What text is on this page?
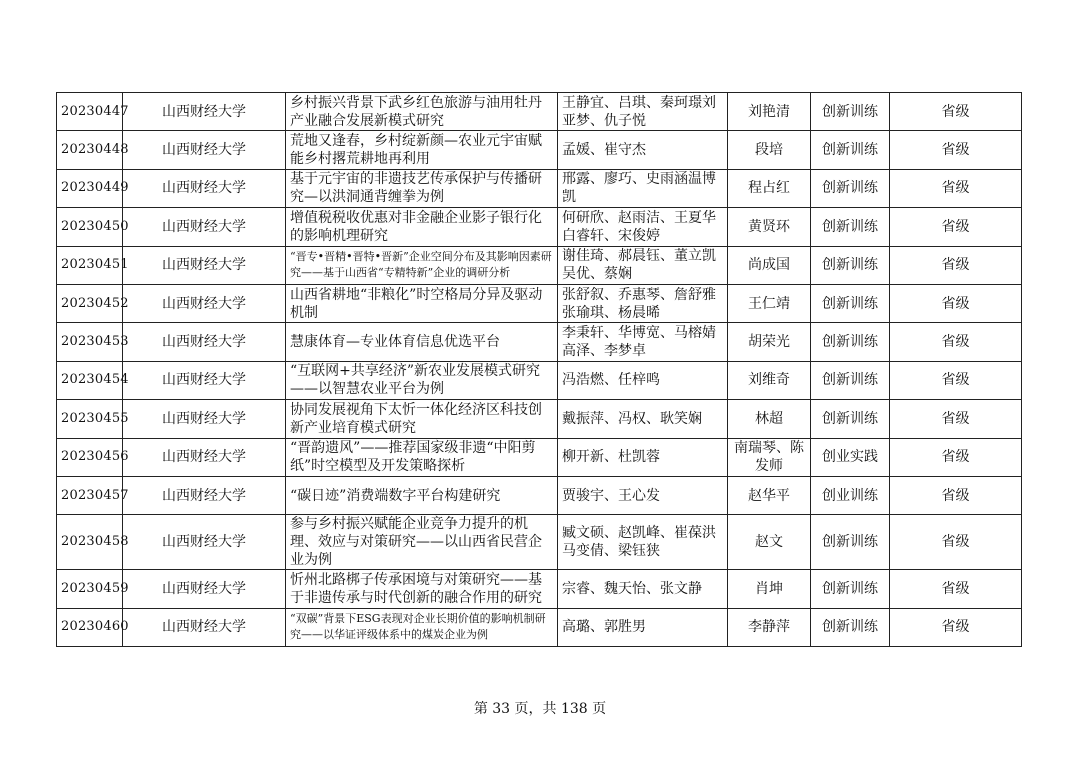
20230447	山西财经大学	乡村振兴背景下武乡红色旅游与油用牡丹产业融合发展新模式研究	王静宜、吕琪、秦珂璟刘亚梦、仇子悦	刘艳清	创新训练	省级
20230448	山西财经大学	荒地又逢春，乡村绽新颜—农业元宇宙赋能乡村撂荒耕地再利用	孟媛、崔守杰	段培	创新训练	省级
20230449	山西财经大学	基于元宇宙的非遗技艺传承保护与传播研究—以洪洞通背缠拳为例	邢露、廖巧、史雨涵温博凯	程占红	创新训练	省级
20230450	山西财经大学	增值税税收优惠对非金融企业影子银行化的影响机理研究	何研欣、赵雨洁、王夏华白睿轩、宋俊婷	黄贤环	创新训练	省级
20230451	山西财经大学	“晋专•晋精•晋特•晋新”企业空间分布及其影响因素研究——基于山西省“专精特新”企业的调研分析	谢佳琦、郝晨钰、董立凯吴优、蔡娴	尚成国	创新训练	省级
20230452	山西财经大学	山西省耕地“非粮化”时空格局分异及驱动机制	张舒叙、乔惠琴、詹舒雅张瑜琪、杨晨晞	王仁靖	创新训练	省级
20230453	山西财经大学	慧康体育—专业体育信息优选平台	李秉轩、华博宽、马榕婧高泽、李梦卓	胡荣光	创新训练	省级
20230454	山西财经大学	“互联网+共享经济”新农业发展模式研究——以智慧农业平台为例	冯浩燃、任梓鸣	刘维奇	创新训练	省级
20230455	山西财经大学	协同发展视角下太忻一体化经济区科技创新产业培育模式研究	戴振萍、冯权、耿笑娴	林超	创新训练	省级
20230456	山西财经大学	“晋韵遗风”——推荐国家级非遗“中阳剪纸”时空模型及开发策略探析	柳开新、杜凯蓉	南瑞琴、陈发师	创业实践	省级
20230457	山西财经大学	“碳日迹”消费端数字平台构建研究	贾骏宇、王心发	赵华平	创业训练	省级
20230458	山西财经大学	参与乡村振兴赋能企业竞争力提升的机理、效应与对策研究——以山西省民营企业为例	臧文硕、赵凯峰、崔葆洪马变倩、梁钰狭	赵文	创新训练	省级
20230459	山西财经大学	忻州北路梆子传承困境与对策研究——基于非遗传承与时代创新的融合作用的研究	宗睿、魏天怡、张文静	肖坤	创新训练	省级
20230460	山西财经大学	“双碳”背景下ESG表现对企业长期价值的影响机制研究——以华证评级体系中的煤炭企业为例	高璐、郭胜男	李静萍	创新训练	省级
第 33 页，共 138 页
